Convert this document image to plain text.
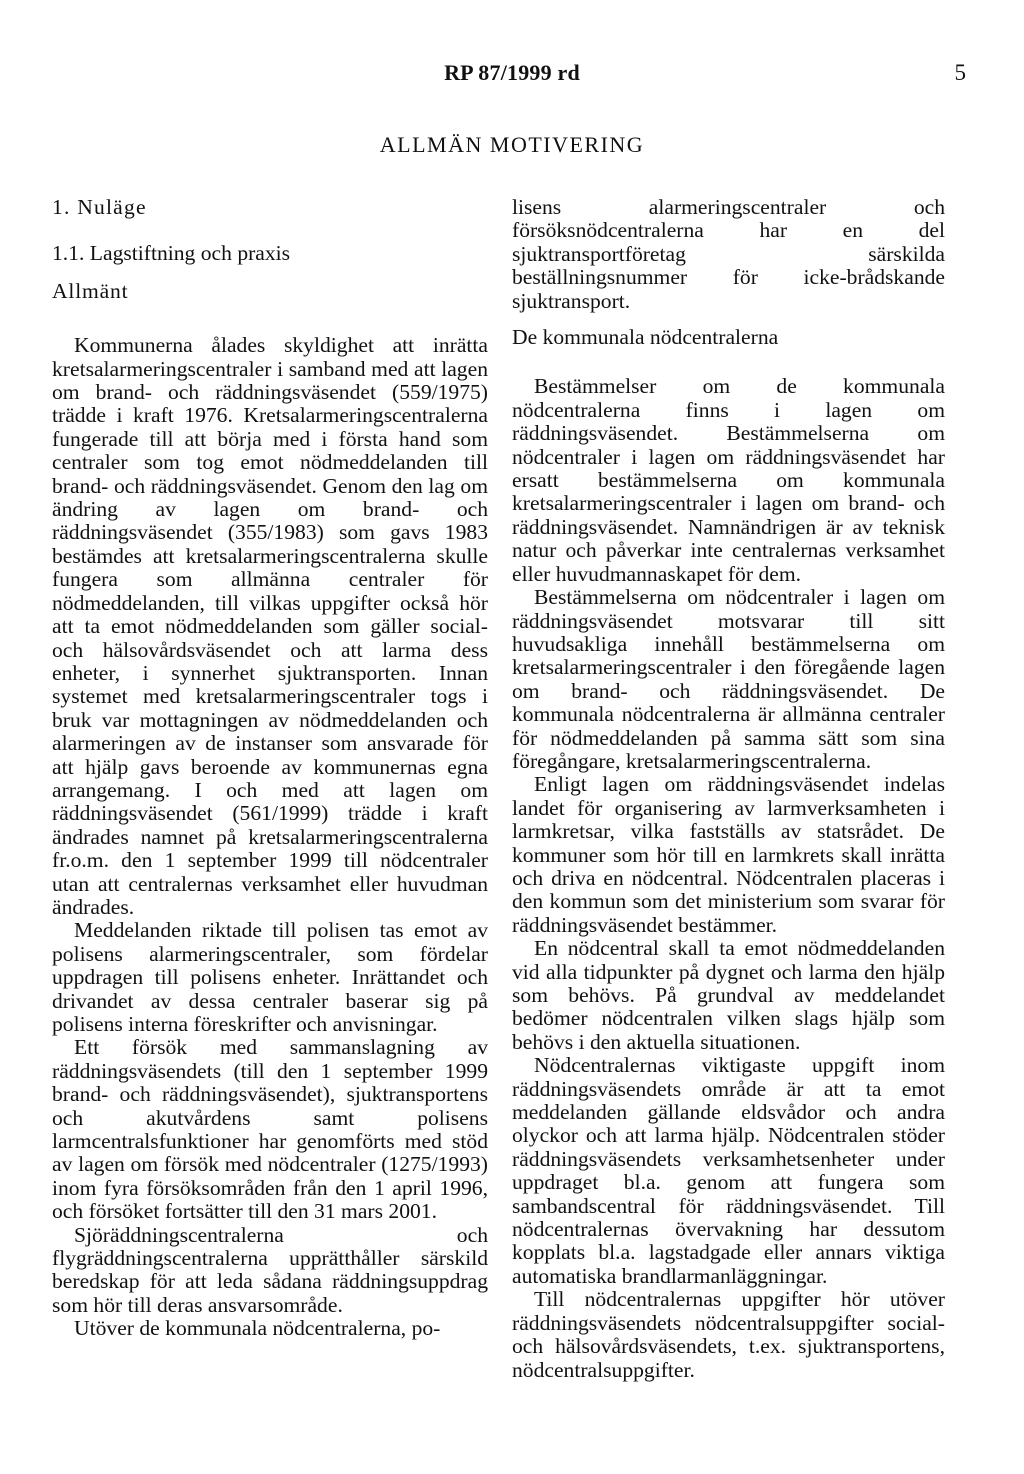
RP 87/1999 rd	5
ALLMÄN MOTIVERING
1. Nuläge
1.1. Lagstiftning och praxis
Allmänt

Kommunerna ålades skyldighet att inrätta kretsalarmeringscentraler i samband med att lagen om brand- och räddningsväsendet (559/1975) trädde i kraft 1976. Kretsalarmeringscentralerna fungerade till att börja med i första hand som centraler som tog emot nödmeddelanden till brand- och räddningsväsendet. Genom den lag om ändring av lagen om brand- och räddningsväsendet (355/1983) som gavs 1983 bestämdes att kretsalarmeringscentralerna skulle fungera som allmänna centraler för nödmeddelanden, till vilkas uppgifter också hör att ta emot nödmeddelanden som gäller social- och hälsovårdsväsendet och att larma dess enheter, i synnerhet sjuktransporten. Innan systemet med kretsalarmeringscentraler togs i bruk var mottagningen av nödmeddelanden och alarmeringen av de instanser som ansvarade för att hjälp gavs beroende av kommunernas egna arrangemang. I och med att lagen om räddningsväsendet (561/1999) trädde i kraft ändrades namnet på kretsalarmeringscentralerna fr.o.m. den 1 september 1999 till nödcentraler utan att centralernas verksamhet eller huvudman ändrades.

Meddelanden riktade till polisen tas emot av polisens alarmeringscentraler, som fördelar uppdragen till polisens enheter. Inrättandet och drivandet av dessa centraler baserar sig på polisens interna föreskrifter och anvisningar.

Ett försök med sammanslagning av räddningsväsendets (till den 1 september 1999 brand- och räddningsväsendet), sjuktransportens och akutvårdens samt polisens larmcentralsfunktioner har genomförts med stöd av lagen om försök med nödcentraler (1275/1993) inom fyra försöksområden från den 1 april 1996, och försöket fortsätter till den 31 mars 2001.

Sjöräddningscentralerna och flygräddningscentralerna upprätthåller särskild beredskap för att leda sådana räddningsuppdrag som hör till deras ansvarsområde.

Utöver de kommunala nödcentralerna, po-

lisens alarmeringscentraler och försöksnödcentralerna har en del sjuktransportföretag särskilda beställningsnummer för icke-brådskande sjuktransport.

De kommunala nödcentralerna

Bestämmelser om de kommunala nödcentralerna finns i lagen om räddningsväsendet. Bestämmelserna om nödcentraler i lagen om räddningsväsendet har ersatt bestämmelserna om kommunala kretsalarmeringscentraler i lagen om brand- och räddningsväsendet. Namnändrigen är av teknisk natur och påverkar inte centralernas verksamhet eller huvudmannaskapet för dem.

Bestämmelserna om nödcentraler i lagen om räddningsväsendet motsvarar till sitt huvudsakliga innehåll bestämmelserna om kretsalarmeringscentraler i den föregående lagen om brand- och räddningsväsendet. De kommunala nödcentralerna är allmänna centraler för nödmeddelanden på samma sätt som sina föregångare, kretsalarmeringscentralerna.

Enligt lagen om räddningsväsendet indelas landet för organisering av larmverksamheten i larmkretsar, vilka fastställs av statsrådet. De kommuner som hör till en larmkrets skall inrätta och driva en nödcentral. Nödcentralen placeras i den kommun som det ministerium som svarar för räddningsväsendet bestämmer.

En nödcentral skall ta emot nödmeddelanden vid alla tidpunkter på dygnet och larma den hjälp som behövs. På grundval av meddelandet bedömer nödcentralen vilken slags hjälp som behövs i den aktuella situationen.

Nödcentralernas viktigaste uppgift inom räddningsväsendets område är att ta emot meddelanden gällande eldsvådor och andra olyckor och att larma hjälp. Nödcentralen stöder räddningsväsendets verksamhetsenheter under uppdraget bl.a. genom att fungera som sambandscentral för räddningsväsendet. Till nödcentralernas övervakning har dessutom kopplats bl.a. lagstadgade eller annars viktiga automatiska brandlarmanläggningar.

Till nödcentralernas uppgifter hör utöver räddningsväsendets nödcentralsuppgifter social- och hälsovårdsväsendets, t.ex. sjuktransportens, nödcentralsuppgifter.
